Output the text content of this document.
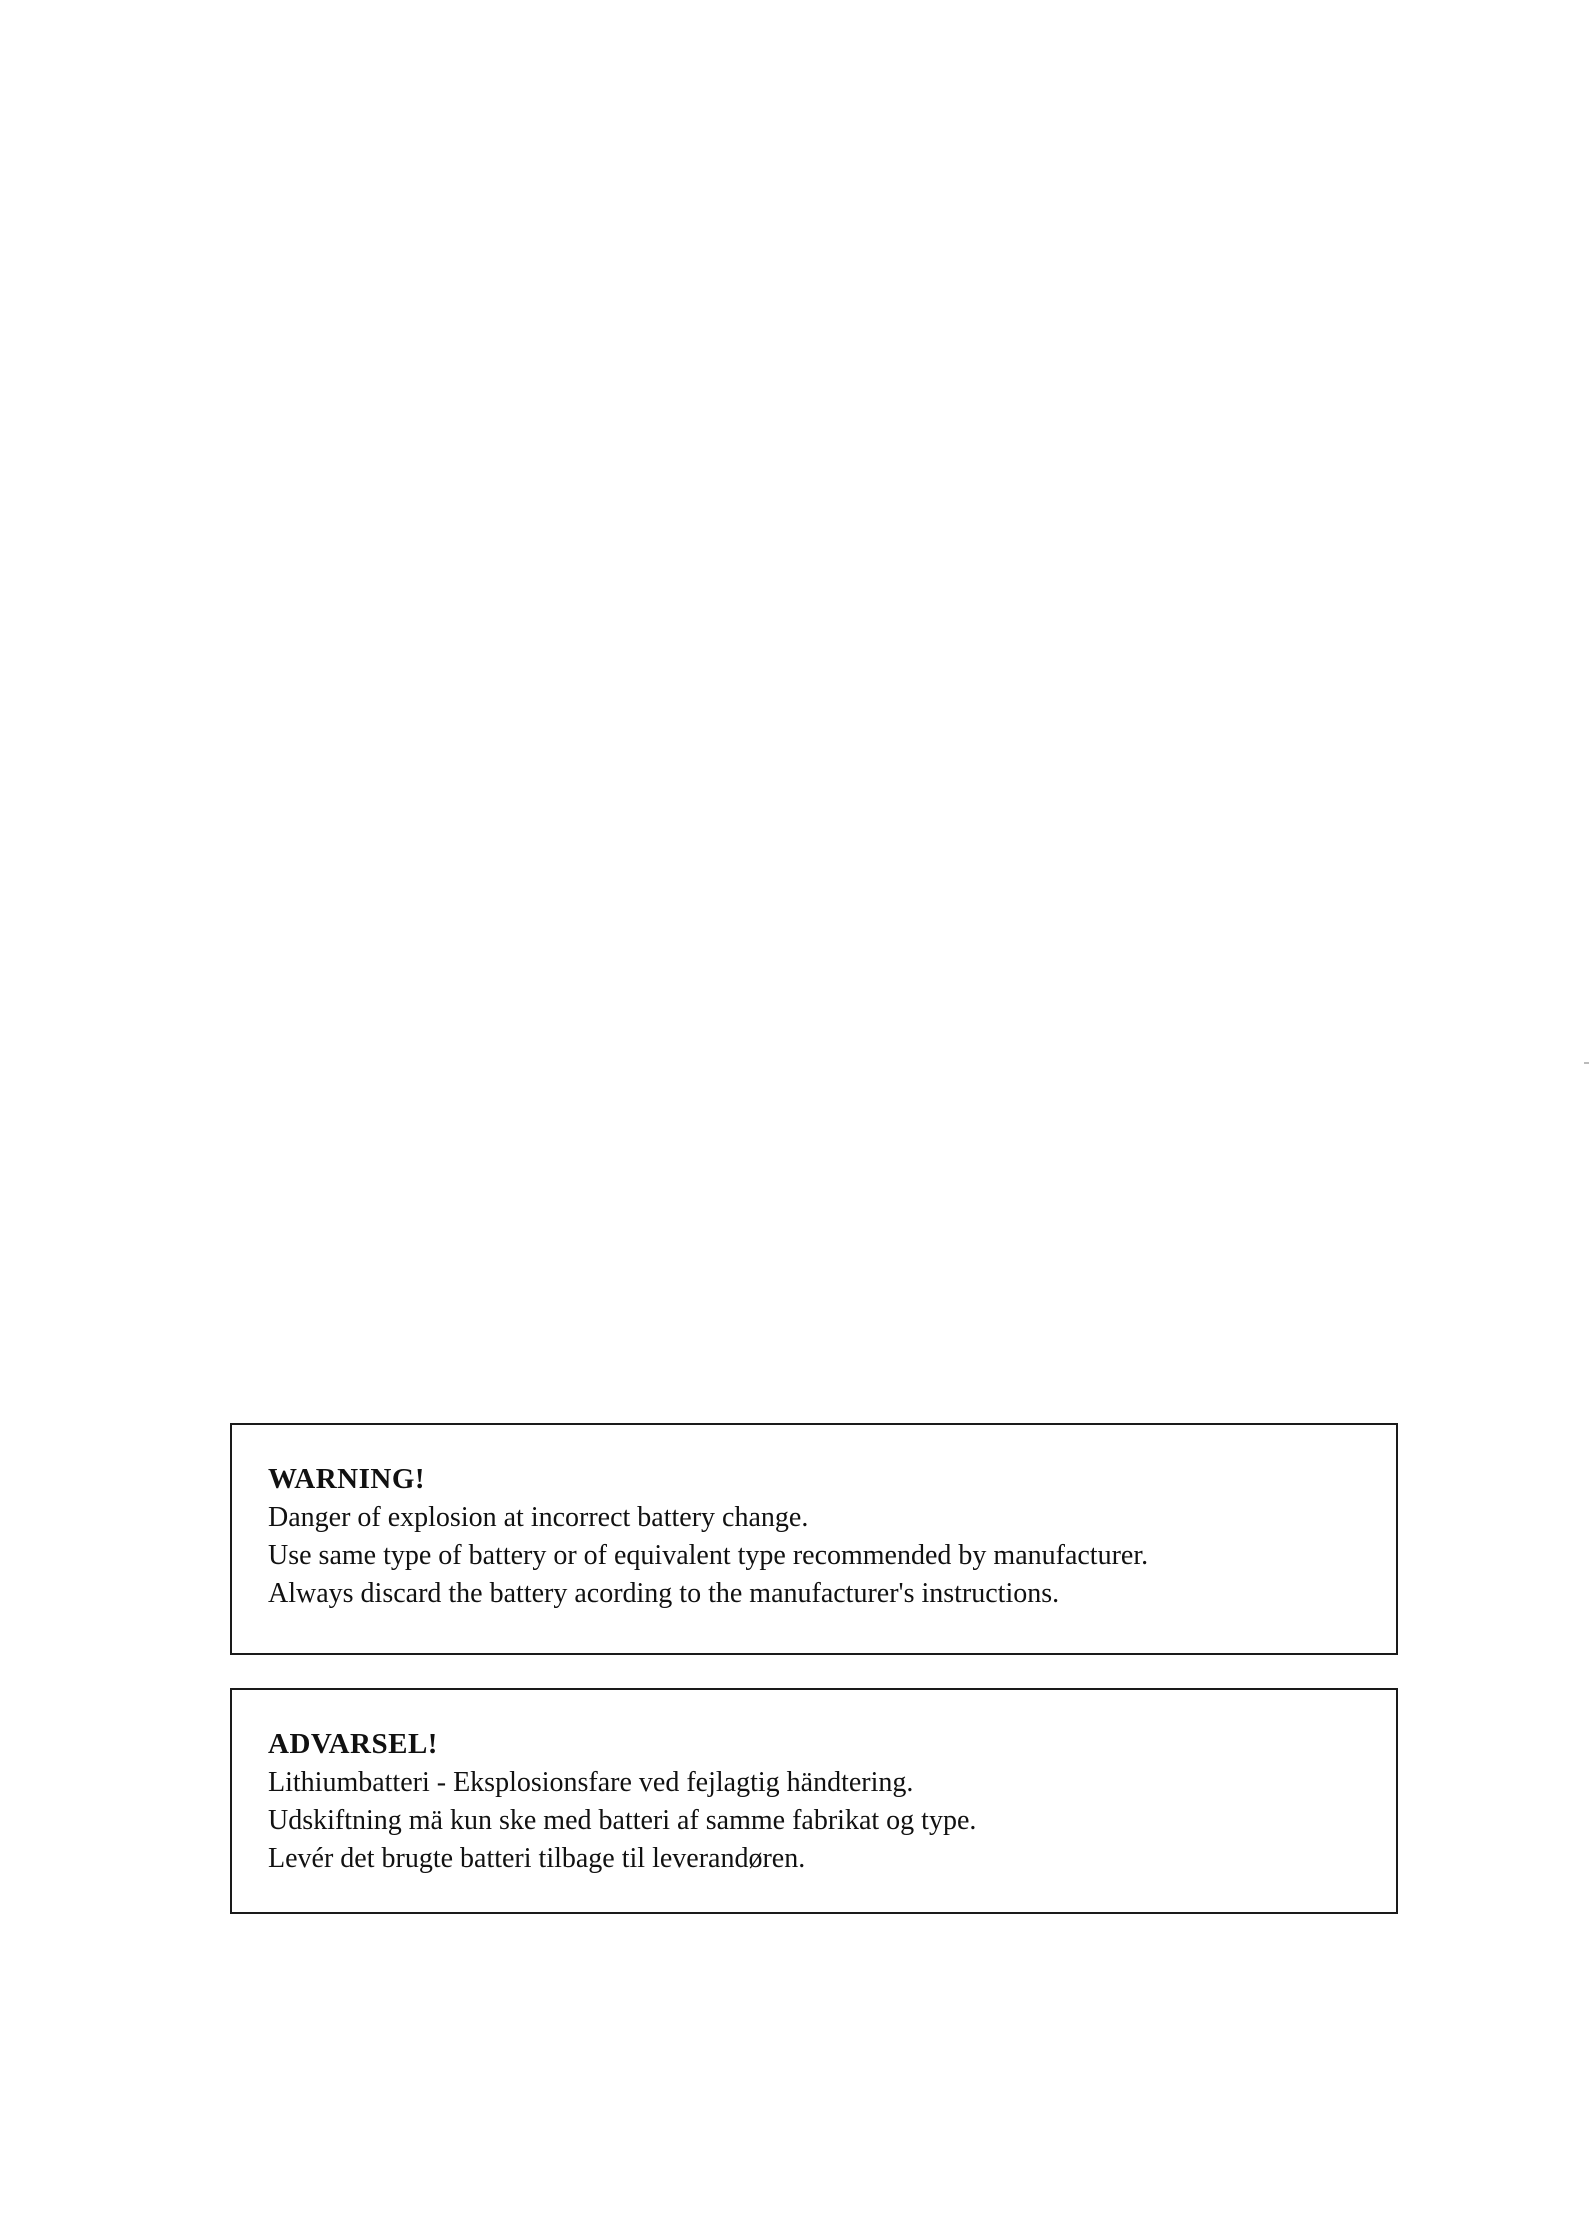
WARNING!

Danger of explosion at incorrect battery change.

Use same type of battery or of equivalent type recommended by manufacturer.

Always discard the battery acording to the manufacturer's instructions.

ADVARSEL!

Lithiumbatteri - Eksplosionsfare ved fejlagtig händtering.

Udskiftning mä kun ske med batteri af samme fabrikat og type.

Levér det brugte batteri tilbage til leverandøren.
